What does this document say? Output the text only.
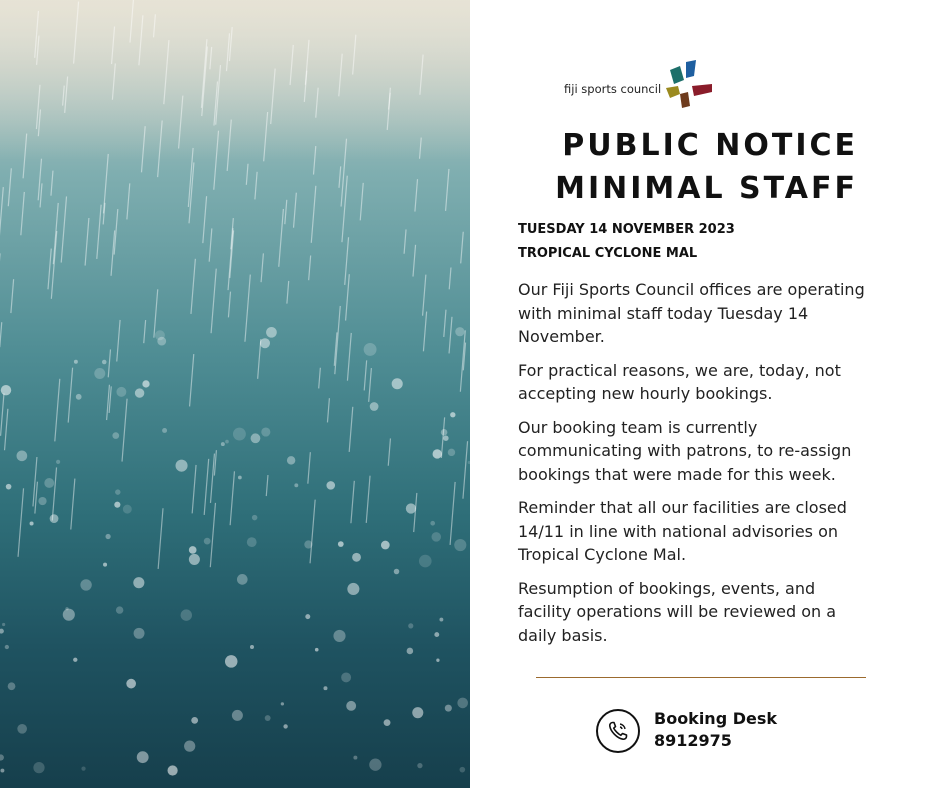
fiji sports council
PUBLIC NOTICE
MINIMAL STAFF
TUESDAY 14 NOVEMBER 2023
TROPICAL CYCLONE MAL

Our Fiji Sports Council offices are operating with minimal staff today Tuesday 14 November.

For practical reasons, we are, today, not accepting new hourly bookings.

Our booking team is currently communicating with patrons, to re-assign bookings that were made for this week.

Reminder that all our facilities are closed 14/11 in line with national advisories on Tropical Cyclone Mal.

Resumption of bookings, events, and facility operations will be reviewed on a daily basis.

Booking Desk
8912975
